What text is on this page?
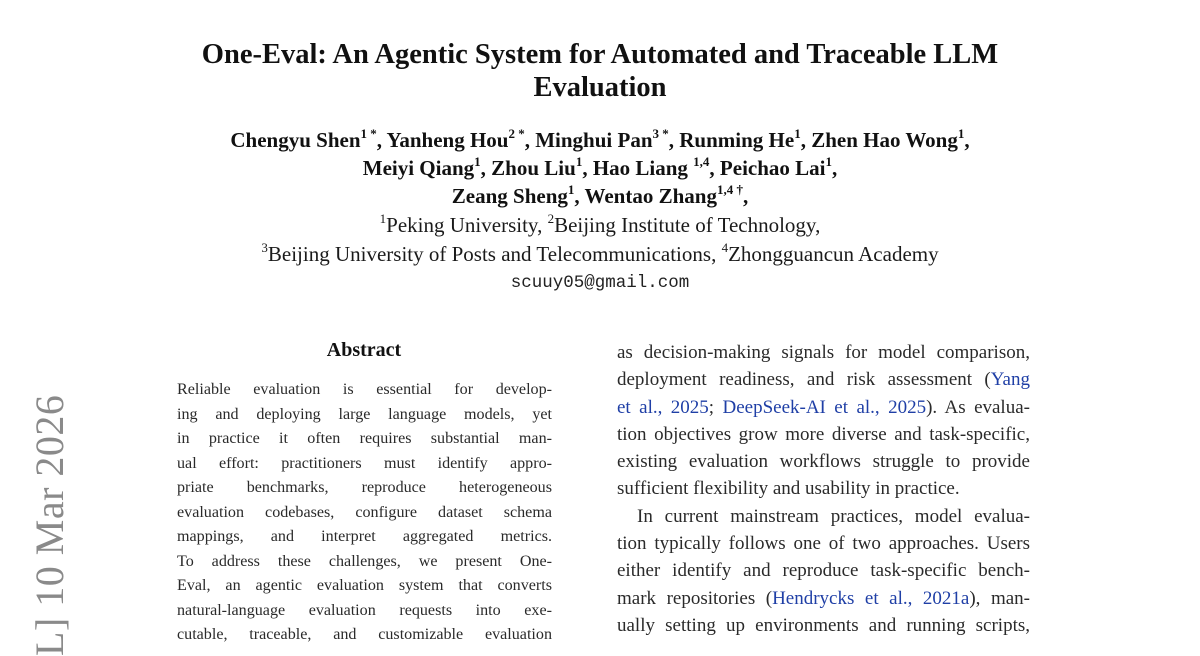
L] 10 Mar 2026
One-Eval: An Agentic System for Automated and Traceable LLM
Evaluation
Chengyu Shen$^{1 *}$, Yanheng Hou$^{2 *}$, Minghui Pan$^{3 *}$, Runming He$^1$, Zhen Hao Wong$^1$,
Meiyi Qiang$^1$, Zhou Liu$^1$, Hao Liang $^{1,4}$, Peichao Lai$^1$,
Zeang Sheng$^1$, Wentao Zhang$^{1,4 \dagger}$,
$^1$Peking University, $^2$Beijing Institute of Technology,
$^3$Beijing University of Posts and Telecommunications, $^4$Zhongguancun Academy
scuuy05@gmail.com
Abstract
Reliable evaluation is essential for develop-
ing and deploying large language models, yet
in practice it often requires substantial man-
ual effort: practitioners must identify appro-
priate benchmarks, reproduce heterogeneous
evaluation codebases, configure dataset schema
mappings, and interpret aggregated metrics.
To address these challenges, we present One-
Eval, an agentic evaluation system that converts
natural-language evaluation requests into exe-
cutable, traceable, and customizable evaluation
as decision-making signals for model comparison,
deployment readiness, and risk assessment (Yang
et al., 2025; DeepSeek-AI et al., 2025). As evalua-
tion objectives grow more diverse and task-specific,
existing evaluation workflows struggle to provide
sufficient flexibility and usability in practice.
In current mainstream practices, model evalua-
tion typically follows one of two approaches. Users
either identify and reproduce task-specific bench-
mark repositories (Hendrycks et al., 2021a), man-
ually setting up environments and running scripts,
